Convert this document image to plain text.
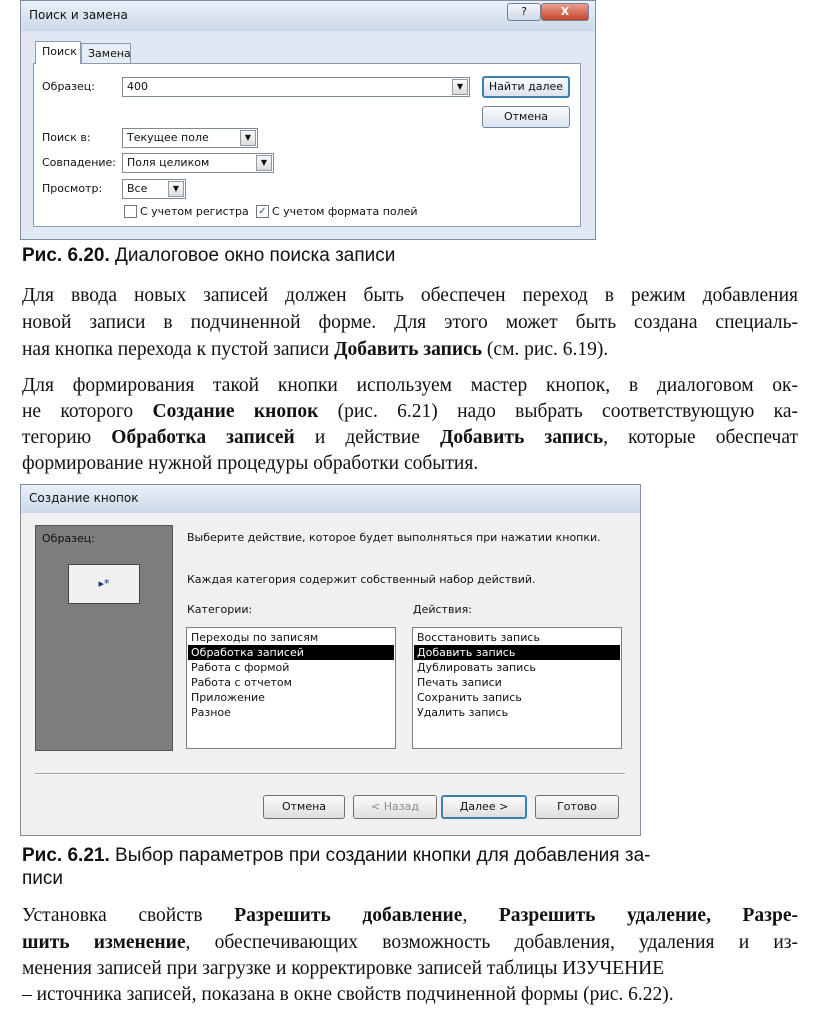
Поиск и замена	?	X
Поиск	Замена
Образец:	400	▼
Поиск в:	Текущее поле	▼
Совпадение: Поля целиком	▼
Просмотр:	Все	▼
С учетом регистра ✓ С учетом формата полей
Найти далее
Отмена
Рис. 6.20. Диалоговое окно поиска записи
Для ввода новых записей должен быть обеспечен переход в режим добавления
новой записи в подчиненной форме. Для этого может быть создана специаль-
ная кнопка перехода к пустой записи Добавить запись (см. рис. 6.19).
Для формирования такой кнопки используем мастер кнопок, в диалоговом ок-
не которого Создание кнопок (рис. 6.21) надо выбрать соответствующую ка-
тегорию Обработка записей и действие Добавить запись, которые обеспечат
формирование нужной процедуры обработки события.
Создание кнопок
Образец:
▸*
Выберите действие, которое будет выполняться при нажатии кнопки.
Каждая категория содержит собственный набор действий.
Категории:
Переходы по записям
Обработка записей
Работа с формой
Работа с отчетом
Приложение
Разное
Действия:
Восстановить запись
Добавить запись
Дублировать запись
Печать записи
Сохранить запись
Удалить запись
Отмена	< Назад	Далее >	Готово
Рис. 6.21. Выбор параметров при создании кнопки для добавления за-
писи
Установка свойств Разрешить добавление, Разрешить удаление, Разре-
шить изменение, обеспечивающих возможность добавления, удаления и из-
менения записей при загрузке и корректировке записей таблицы ИЗУЧЕНИЕ
– источника записей, показана в окне свойств подчиненной формы (рис. 6.22).
